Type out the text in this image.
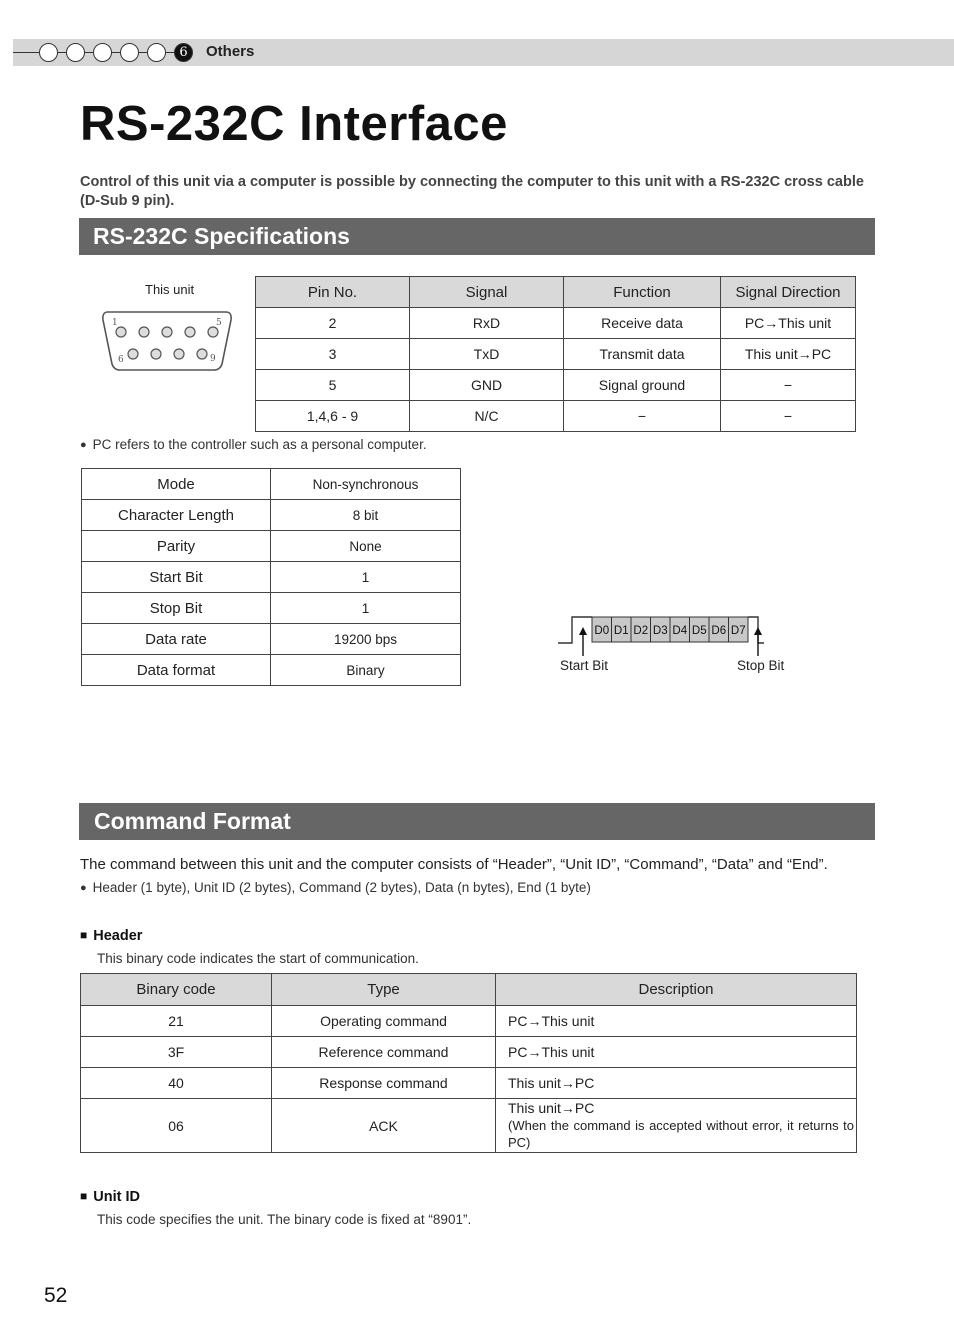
6	Others
RS-232C Interface

Control of this unit via a computer is possible by connecting the computer to this unit with a RS-232C cross cable (D-Sub 9 pin).

RS-232C Specifications
This unit
1	5
6	9
Pin No.	Signal	Function	Signal Direction
2	RxD	Receive data	PC→This unit
3	TxD	Transmit data	This unit→PC
5	GND	Signal ground	−
1,4,6 - 9	N/C	−	−
● PC refers to the controller such as a personal computer.
Mode	Non-synchronous
Character Length	8 bit
Parity	None
Start Bit	1
Stop Bit	1
Data rate	19200 bps
Data format	Binary
D0 D1 D2 D3 D4 D5 D6 D7
Start Bit	Stop Bit
Command Format
The command between this unit and the computer consists of “Header”, “Unit ID”, “Command”, “Data” and “End”.
● Header (1 byte), Unit ID (2 bytes), Command (2 bytes), Data (n bytes), End (1 byte)
■ Header
This binary code indicates the start of communication.
Binary code	Type	Description
21	Operating command	PC→This unit
3F	Reference command	PC→This unit
40	Response command	This unit→PC
06	ACK	This unit→PC
(When the command is accepted without error, it returns to PC)
■ Unit ID
This code specifies the unit. The binary code is fixed at “8901”.
52
